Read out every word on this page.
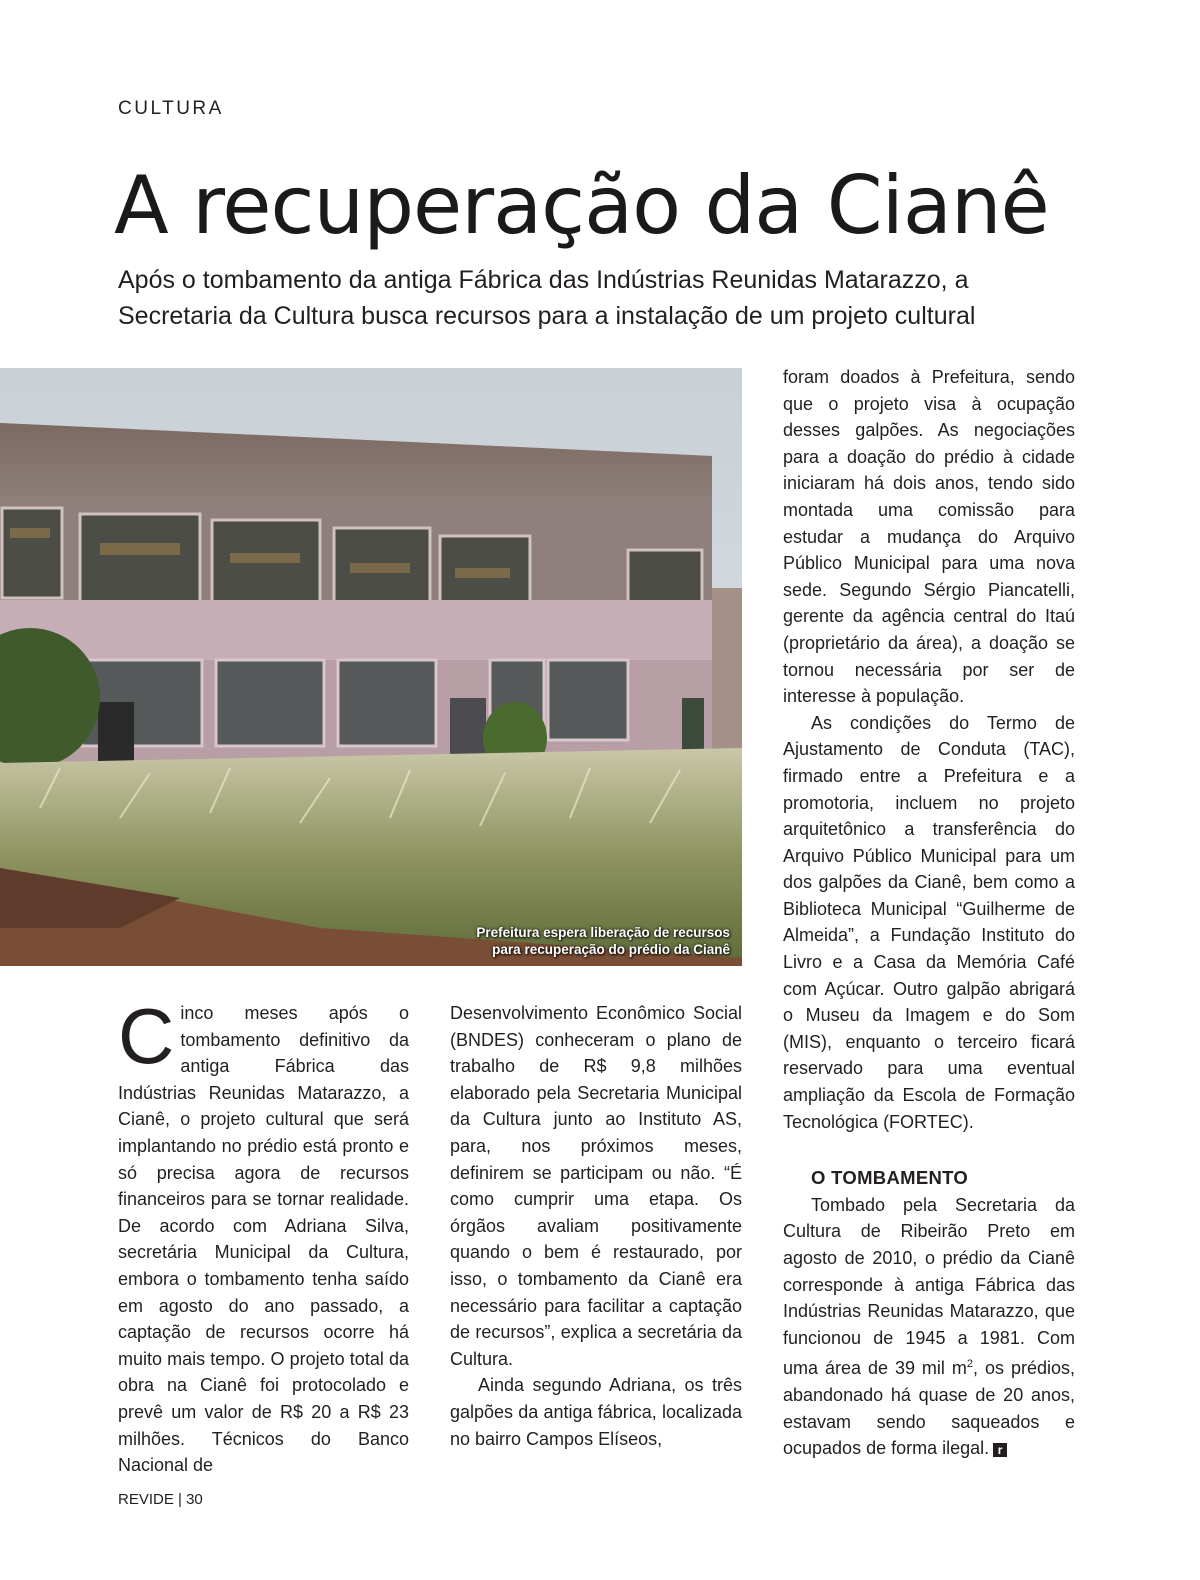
CULTURA
A recuperação da Cianê

Após o tombamento da antiga Fábrica das Indústrias Reunidas Matarazzo, a Secretaria da Cultura busca recursos para a instalação de um projeto cultural

Prefeitura espera liberação de recursos
para recuperação do prédio da Cianê

Cinco meses após o tombamento definitivo da antiga Fábrica das Indústrias Reunidas Matarazzo, a Cianê, o projeto cultural que será implantando no prédio está pronto e só precisa agora de recursos financeiros para se tornar realidade. De acordo com Adriana Silva, secretária Municipal da Cultura, embora o tombamento tenha saído em agosto do ano passado, a captação de recursos ocorre há muito mais tempo. O projeto total da obra na Cianê foi protocolado e prevê um valor de R$ 20 a R$ 23 milhões. Técnicos do Banco Nacional de

Desenvolvimento Econômico Social (BNDES) conheceram o plano de trabalho de R$ 9,8 milhões elaborado pela Secretaria Municipal da Cultura junto ao Instituto AS, para, nos próximos meses, definirem se participam ou não. “É como cumprir uma etapa. Os órgãos avaliam positivamente quando o bem é restaurado, por isso, o tombamento da Cianê era necessário para facilitar a captação de recursos”, explica a secretária da Cultura.

Ainda segundo Adriana, os três galpões da antiga fábrica, localizada no bairro Campos Elíseos,

foram doados à Prefeitura, sendo que o projeto visa à ocupação desses galpões. As negociações para a doação do prédio à cidade iniciaram há dois anos, tendo sido montada uma comissão para estudar a mudança do Arquivo Público Municipal para uma nova sede. Segundo Sérgio Piancatelli, gerente da agência central do Itaú (proprietário da área), a doação se tornou necessária por ser de interesse à população.

As condições do Termo de Ajustamento de Conduta (TAC), firmado entre a Prefeitura e a promotoria, incluem no projeto arquitetônico a transferência do Arquivo Público Municipal para um dos galpões da Cianê, bem como a Biblioteca Municipal “Guilherme de Almeida”, a Fundação Instituto do Livro e a Casa da Memória Café com Açúcar. Outro galpão abrigará o Museu da Imagem e do Som (MIS), enquanto o terceiro ficará reservado para uma eventual ampliação da Escola de Formação Tecnológica (FORTEC).

O TOMBAMENTO

Tombado pela Secretaria da Cultura de Ribeirão Preto em agosto de 2010, o prédio da Cianê corresponde à antiga Fábrica das Indústrias Reunidas Matarazzo, que funcionou de 1945 a 1981. Com uma área de 39 mil $m^2$, os prédios, abandonado há quase de 20 anos, estavam sendo saqueados e ocupados de forma ilegal. r

REVIDE | 30
